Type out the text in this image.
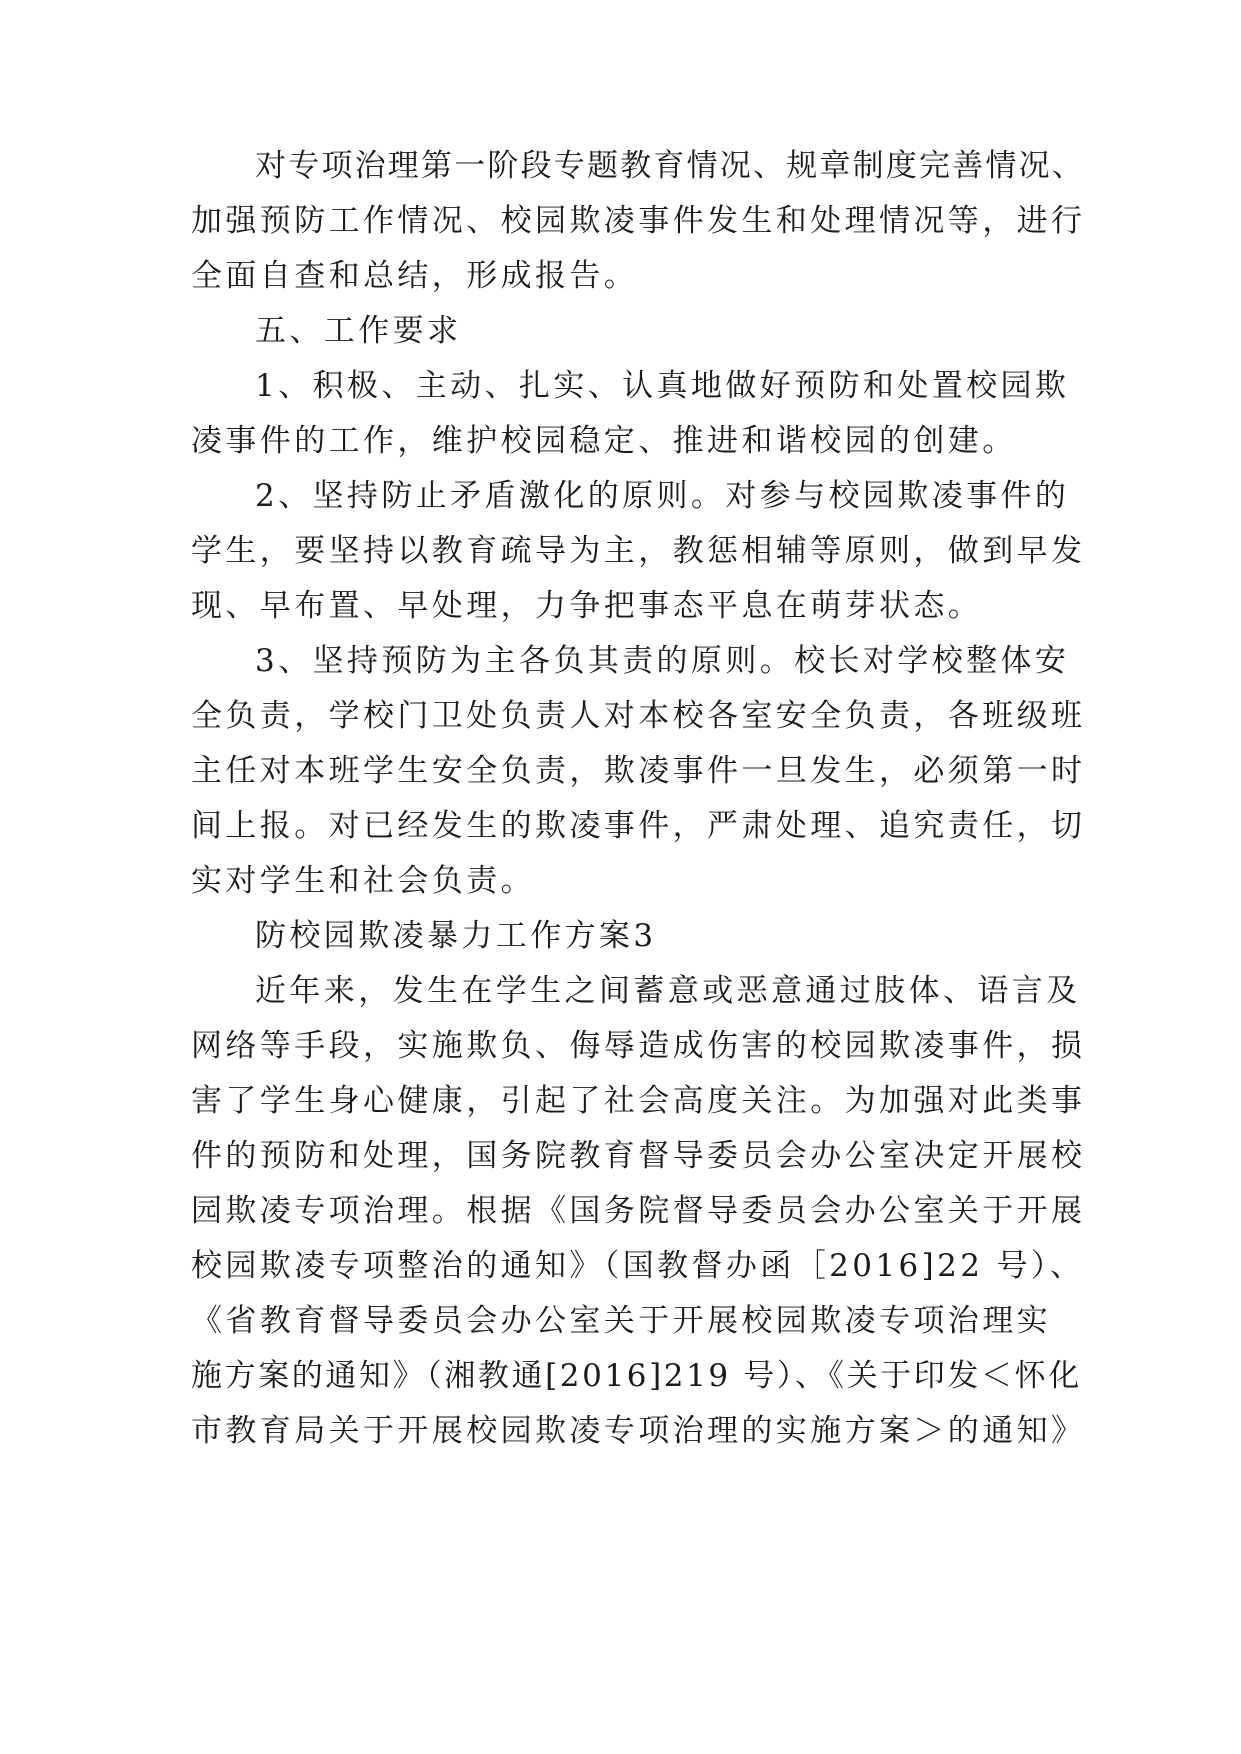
对专项治理第一阶段专题教育情况、规章制度完善情况、
加强预防工作情况、校园欺凌事件发生和处理情况等，进行
全面自查和总结，形成报告。
五、工作要求
1、积极、主动、扎实、认真地做好预防和处置校园欺
凌事件的工作，维护校园稳定、推进和谐校园的创建。
2、坚持防止矛盾激化的原则。对参与校园欺凌事件的
学生，要坚持以教育疏导为主，教惩相辅等原则，做到早发
现、早布置、早处理，力争把事态平息在萌芽状态。
3、坚持预防为主各负其责的原则。校长对学校整体安
全负责，学校门卫处负责人对本校各室安全负责，各班级班
主任对本班学生安全负责，欺凌事件一旦发生，必须第一时
间上报。对已经发生的欺凌事件，严肃处理、追究责任，切
实对学生和社会负责。
防校园欺凌暴力工作方案3
近年来，发生在学生之间蓄意或恶意通过肢体、语言及
网络等手段，实施欺负、侮辱造成伤害的校园欺凌事件，损
害了学生身心健康，引起了社会高度关注。为加强对此类事
件的预防和处理，国务院教育督导委员会办公室决定开展校
园欺凌专项治理。根据《国务院督导委员会办公室关于开展
校园欺凌专项整治的通知》（国教督办函［2016]22 号）、
《省教育督导委员会办公室关于开展校园欺凌专项治理实
施方案的通知》（湘教通[2016]219 号）、《关于印发＜怀化
市教育局关于开展校园欺凌专项治理的实施方案＞的通知》
